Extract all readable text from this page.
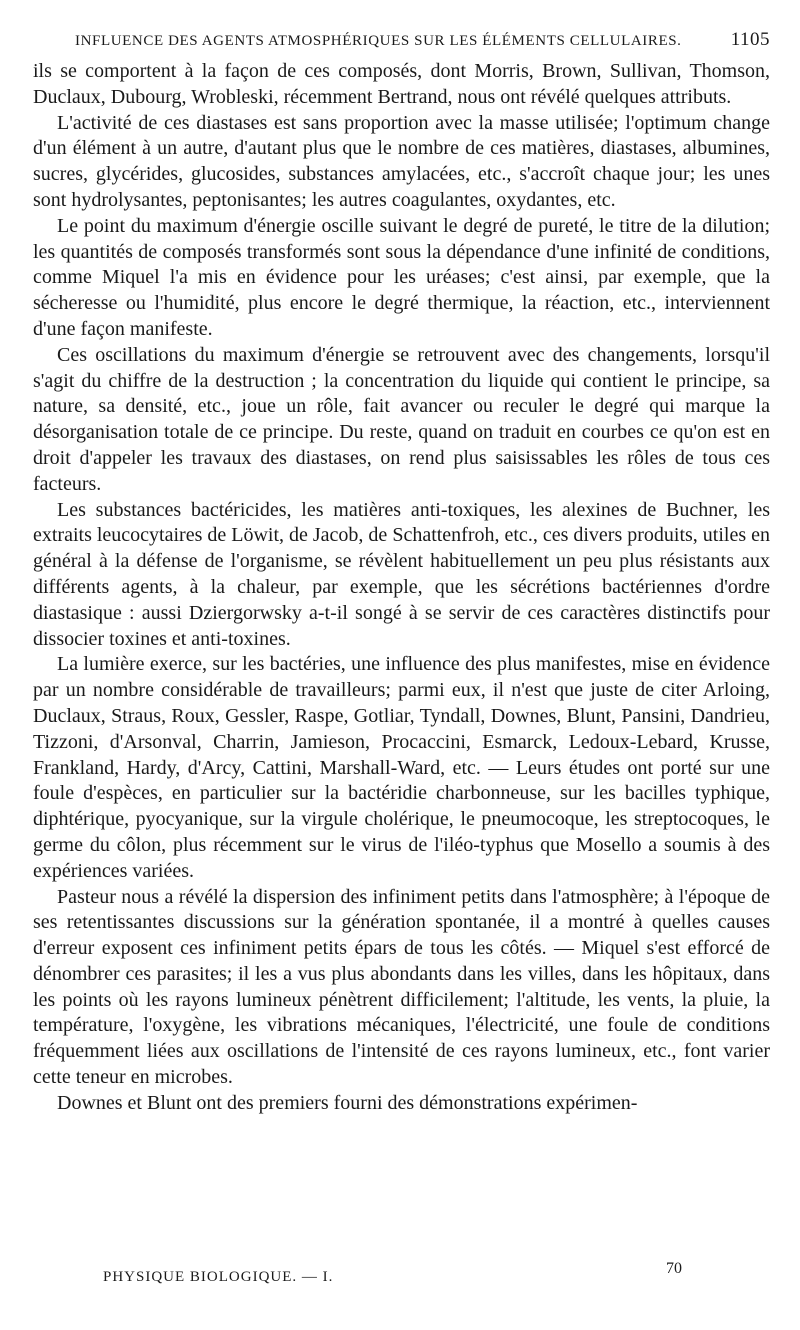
INFLUENCE DES AGENTS ATMOSPHÉRIQUES SUR LES ÉLÉMENTS CELLULAIRES.	1105

ils se comportent à la façon de ces composés, dont Morris, Brown, Sullivan, Thomson, Duclaux, Dubourg, Wrobleski, récemment Bertrand, nous ont révélé quelques attributs.

L'activité de ces diastases est sans proportion avec la masse utilisée; l'optimum change d'un élément à un autre, d'autant plus que le nombre de ces matières, diastases, albumines, sucres, glycérides, glucosides, substances amylacées, etc., s'accroît chaque jour; les unes sont hydrolysantes, peptonisantes; les autres coagulantes, oxydantes, etc.

Le point du maximum d'énergie oscille suivant le degré de pureté, le titre de la dilution; les quantités de composés transformés sont sous la dépendance d'une infinité de conditions, comme Miquel l'a mis en évidence pour les uréases; c'est ainsi, par exemple, que la sécheresse ou l'humidité, plus encore le degré thermique, la réaction, etc., interviennent d'une façon manifeste.

Ces oscillations du maximum d'énergie se retrouvent avec des changements, lorsqu'il s'agit du chiffre de la destruction ; la concentration du liquide qui contient le principe, sa nature, sa densité, etc., joue un rôle, fait avancer ou reculer le degré qui marque la désorganisation totale de ce principe. Du reste, quand on traduit en courbes ce qu'on est en droit d'appeler les travaux des diastases, on rend plus saisissables les rôles de tous ces facteurs.

Les substances bactéricides, les matières anti-toxiques, les alexines de Buchner, les extraits leucocytaires de Löwit, de Jacob, de Schattenfroh, etc., ces divers produits, utiles en général à la défense de l'organisme, se révèlent habituellement un peu plus résistants aux différents agents, à la chaleur, par exemple, que les sécrétions bactériennes d'ordre diastasique : aussi Dziergorwsky a-t-il songé à se servir de ces caractères distinctifs pour dissocier toxines et anti-toxines.

La lumière exerce, sur les bactéries, une influence des plus manifestes, mise en évidence par un nombre considérable de travailleurs; parmi eux, il n'est que juste de citer Arloing, Duclaux, Straus, Roux, Gessler, Raspe, Gotliar, Tyndall, Downes, Blunt, Pansini, Dandrieu, Tizzoni, d'Arsonval, Charrin, Jamieson, Procaccini, Esmarck, Ledoux-Lebard, Krusse, Frankland, Hardy, d'Arcy, Cattini, Marshall-Ward, etc. — Leurs études ont porté sur une foule d'espèces, en particulier sur la bactéridie charbonneuse, sur les bacilles typhique, diphtérique, pyocyanique, sur la virgule cholérique, le pneumocoque, les streptocoques, le germe du côlon, plus récemment sur le virus de l'iléo-typhus que Mosello a soumis à des expériences variées.

Pasteur nous a révélé la dispersion des infiniment petits dans l'atmosphère; à l'époque de ses retentissantes discussions sur la génération spontanée, il a montré à quelles causes d'erreur exposent ces infiniment petits épars de tous les côtés. — Miquel s'est efforcé de dénombrer ces parasites; il les a vus plus abondants dans les villes, dans les hôpitaux, dans les points où les rayons lumineux pénètrent difficilement; l'altitude, les vents, la pluie, la température, l'oxygène, les vibrations mécaniques, l'électricité, une foule de conditions fréquemment liées aux oscillations de l'intensité de ces rayons lumineux, etc., font varier cette teneur en microbes.

Downes et Blunt ont des premiers fourni des démonstrations expérimen-

PHYSIQUE BIOLOGIQUE. — I.	70
